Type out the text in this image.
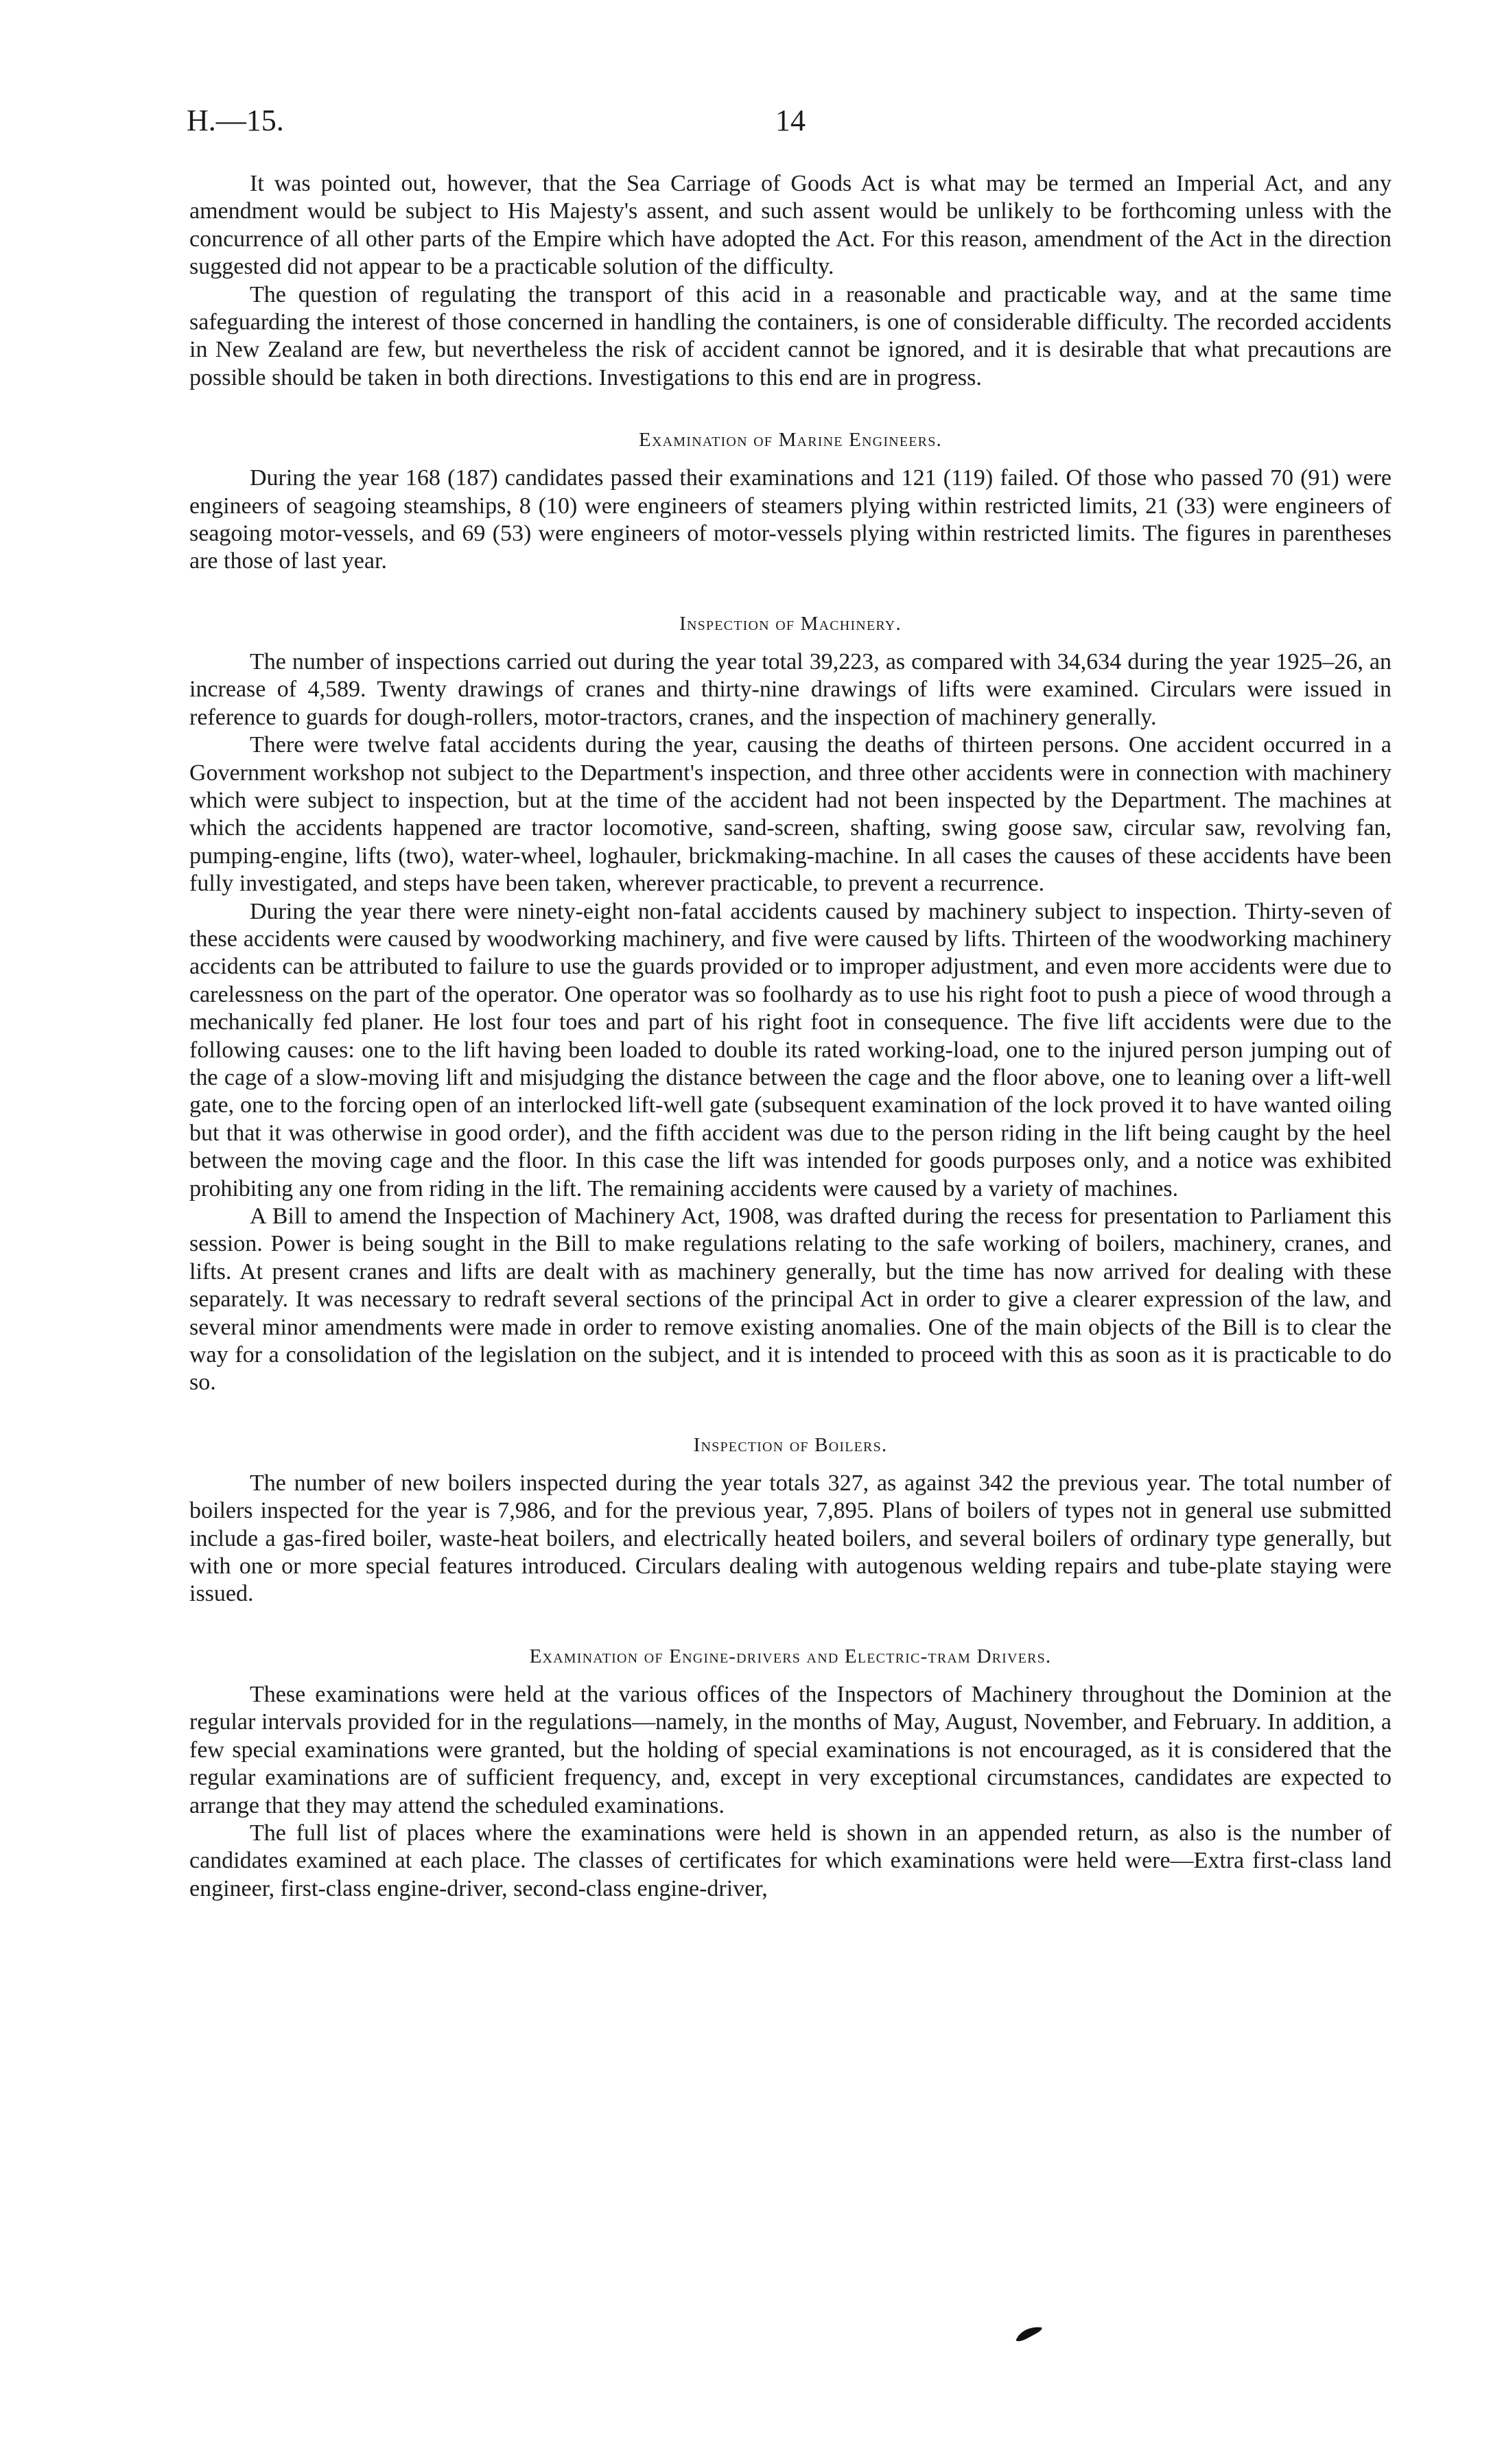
H.—15.	14

It was pointed out, however, that the Sea Carriage of Goods Act is what may be termed an Imperial Act, and any amendment would be subject to His Majesty's assent, and such assent would be unlikely to be forthcoming unless with the concurrence of all other parts of the Empire which have adopted the Act. For this reason, amendment of the Act in the direction suggested did not appear to be a practicable solution of the difficulty.

The question of regulating the transport of this acid in a reasonable and practicable way, and at the same time safeguarding the interest of those concerned in handling the containers, is one of considerable difficulty. The recorded accidents in New Zealand are few, but nevertheless the risk of accident cannot be ignored, and it is desirable that what precautions are possible should be taken in both directions. Investigations to this end are in progress.

Examination of Marine Engineers.

During the year 168 (187) candidates passed their examinations and 121 (119) failed. Of those who passed 70 (91) were engineers of seagoing steamships, 8 (10) were engineers of steamers plying within restricted limits, 21 (33) were engineers of seagoing motor-vessels, and 69 (53) were engineers of motor-vessels plying within restricted limits. The figures in parentheses are those of last year.

Inspection of Machinery.

The number of inspections carried out during the year total 39,223, as compared with 34,634 during the year 1925–26, an increase of 4,589. Twenty drawings of cranes and thirty-nine drawings of lifts were examined. Circulars were issued in reference to guards for dough-rollers, motor-tractors, cranes, and the inspection of machinery generally.

There were twelve fatal accidents during the year, causing the deaths of thirteen persons. One accident occurred in a Government workshop not subject to the Department's inspection, and three other accidents were in connection with machinery which were subject to inspection, but at the time of the accident had not been inspected by the Department. The machines at which the accidents happened are tractor locomotive, sand-screen, shafting, swing goose saw, circular saw, revolving fan, pumping-engine, lifts (two), water-wheel, loghauler, brickmaking-machine. In all cases the causes of these accidents have been fully investigated, and steps have been taken, wherever practicable, to prevent a recurrence.

During the year there were ninety-eight non-fatal accidents caused by machinery subject to inspection. Thirty-seven of these accidents were caused by woodworking machinery, and five were caused by lifts. Thirteen of the woodworking machinery accidents can be attributed to failure to use the guards provided or to improper adjustment, and even more accidents were due to carelessness on the part of the operator. One operator was so foolhardy as to use his right foot to push a piece of wood through a mechanically fed planer. He lost four toes and part of his right foot in consequence. The five lift accidents were due to the following causes: one to the lift having been loaded to double its rated working-load, one to the injured person jumping out of the cage of a slow-moving lift and misjudging the distance between the cage and the floor above, one to leaning over a lift-well gate, one to the forcing open of an interlocked lift-well gate (subsequent examination of the lock proved it to have wanted oiling but that it was otherwise in good order), and the fifth accident was due to the person riding in the lift being caught by the heel between the moving cage and the floor. In this case the lift was intended for goods purposes only, and a notice was exhibited prohibiting any one from riding in the lift. The remaining accidents were caused by a variety of machines.

A Bill to amend the Inspection of Machinery Act, 1908, was drafted during the recess for presentation to Parliament this session. Power is being sought in the Bill to make regulations relating to the safe working of boilers, machinery, cranes, and lifts. At present cranes and lifts are dealt with as machinery generally, but the time has now arrived for dealing with these separately. It was necessary to redraft several sections of the principal Act in order to give a clearer expression of the law, and several minor amendments were made in order to remove existing anomalies. One of the main objects of the Bill is to clear the way for a consolidation of the legislation on the subject, and it is intended to proceed with this as soon as it is practicable to do so.

Inspection of Boilers.

The number of new boilers inspected during the year totals 327, as against 342 the previous year. The total number of boilers inspected for the year is 7,986, and for the previous year, 7,895. Plans of boilers of types not in general use submitted include a gas-fired boiler, waste-heat boilers, and electrically heated boilers, and several boilers of ordinary type generally, but with one or more special features introduced. Circulars dealing with autogenous welding repairs and tube-plate staying were issued.

Examination of Engine-drivers and Electric-tram Drivers.

These examinations were held at the various offices of the Inspectors of Machinery throughout the Dominion at the regular intervals provided for in the regulations—namely, in the months of May, August, November, and February. In addition, a few special examinations were granted, but the holding of special examinations is not encouraged, as it is considered that the regular examinations are of sufficient frequency, and, except in very exceptional circumstances, candidates are expected to arrange that they may attend the scheduled examinations.

The full list of places where the examinations were held is shown in an appended return, as also is the number of candidates examined at each place. The classes of certificates for which examinations were held were—Extra first-class land engineer, first-class engine-driver, second-class engine-driver,
